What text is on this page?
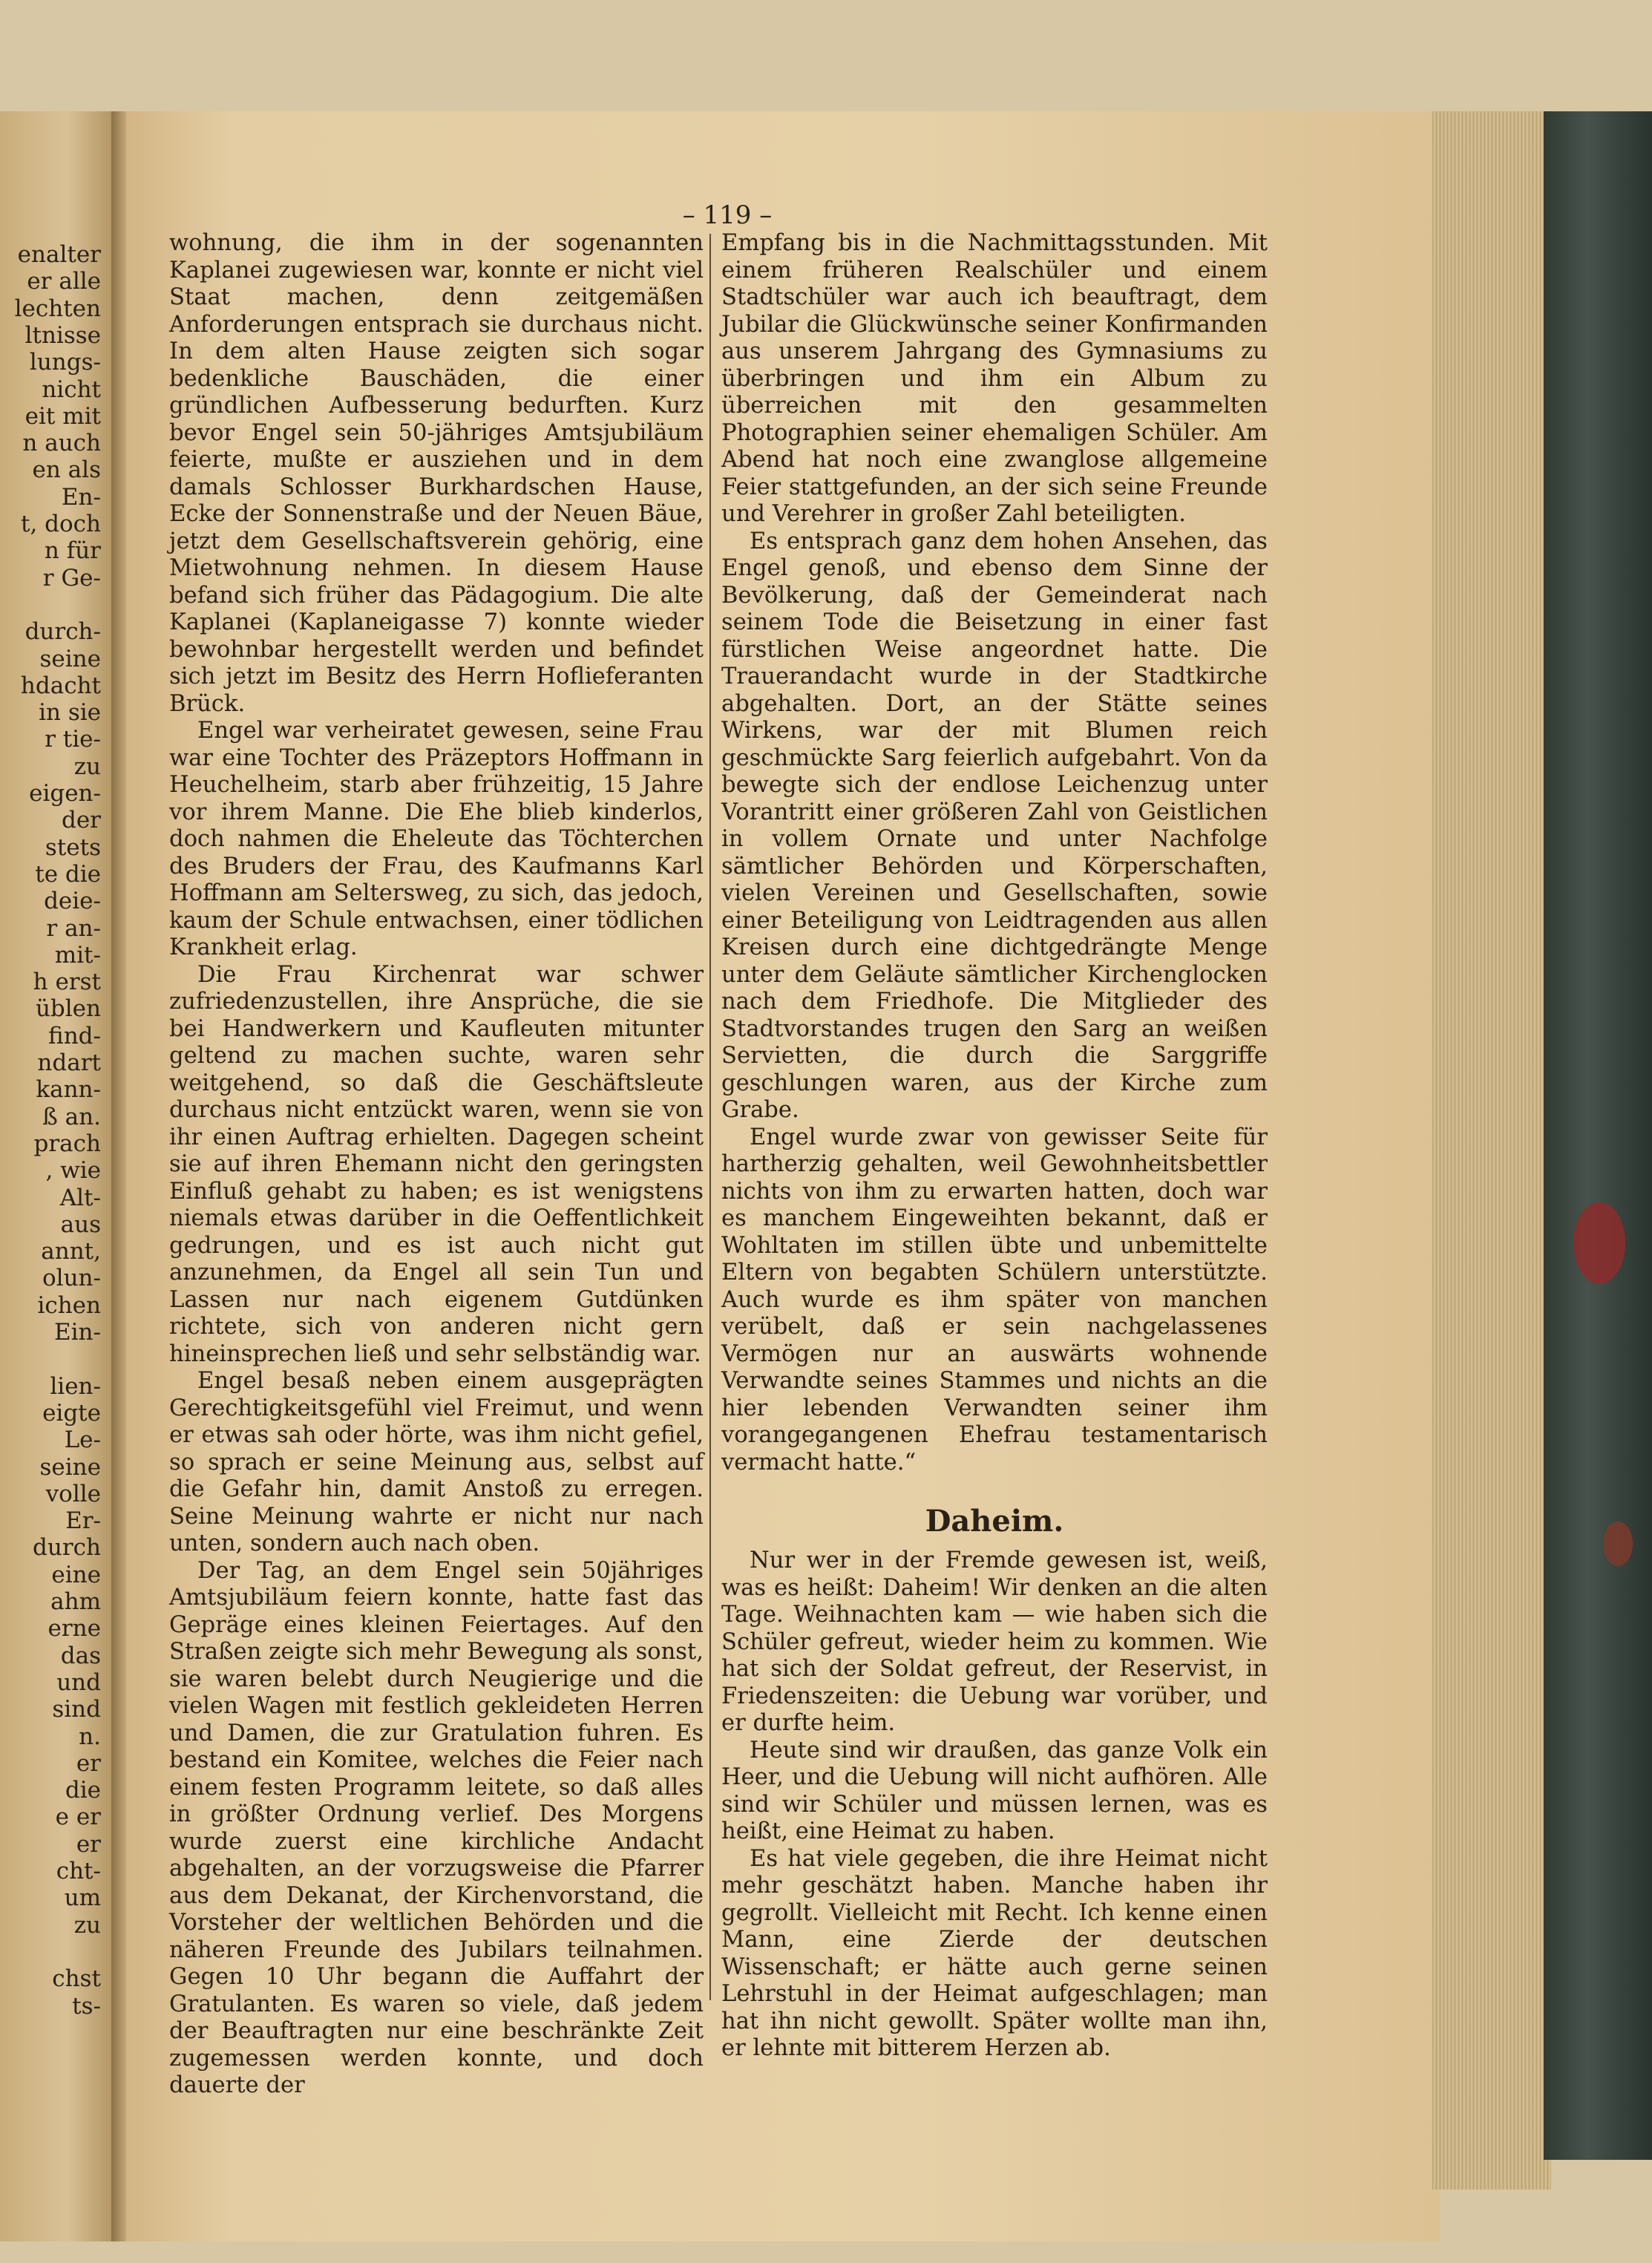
enalter
er alle
lechten
ltnisse
lungs-
nicht
eit mit
n auch
en als
En-
t, doch
n für
r Ge-
durch-
seine
hdacht
in sie
r tie-
zu
eigen-
der
stets
te die
deie-
r an-
mit-
h erst
üblen
find-
ndart
kann-
ß an.
prach
, wie
Alt-
aus
annt,
olun-
ichen
Ein-
lien-
eigte
Le-
seine
volle
Er-
durch
eine
ahm
erne
das
und
sind
n.
er
die
e er
er
cht-
um
zu
chst
ts-
– 119 –

wohnung, die ihm in der sogenannten Kaplanei zugewiesen war, konnte er nicht viel Staat machen, denn zeitgemäßen Anforderungen entsprach sie durchaus nicht. In dem alten Hause zeigten sich sogar bedenkliche Bauschäden, die einer gründlichen Aufbesserung bedurften. Kurz bevor Engel sein 50-jähriges Amtsjubiläum feierte, mußte er ausziehen und in dem damals Schlosser Burkhardschen Hause, Ecke der Sonnenstraße und der Neuen Bäue, jetzt dem Gesellschaftsverein gehörig, eine Mietwohnung nehmen. In diesem Hause befand sich früher das Pädagogium. Die alte Kaplanei (Kaplaneigasse 7) konnte wieder bewohnbar hergestellt werden und befindet sich jetzt im Besitz des Herrn Hoflieferanten Brück.

Engel war verheiratet gewesen, seine Frau war eine Tochter des Präzeptors Hoffmann in Heuchelheim, starb aber frühzeitig, 15 Jahre vor ihrem Manne. Die Ehe blieb kinderlos, doch nahmen die Eheleute das Töchterchen des Bruders der Frau, des Kaufmanns Karl Hoffmann am Seltersweg, zu sich, das jedoch, kaum der Schule entwachsen, einer tödlichen Krankheit erlag.

Die Frau Kirchenrat war schwer zufriedenzustellen, ihre Ansprüche, die sie bei Handwerkern und Kaufleuten mitunter geltend zu machen suchte, waren sehr weitgehend, so daß die Geschäftsleute durchaus nicht entzückt waren, wenn sie von ihr einen Auftrag erhielten. Dagegen scheint sie auf ihren Ehemann nicht den geringsten Einfluß gehabt zu haben; es ist wenigstens niemals etwas darüber in die Oeffentlichkeit gedrungen, und es ist auch nicht gut anzunehmen, da Engel all sein Tun und Lassen nur nach eigenem Gutdünken richtete, sich von anderen nicht gern hineinsprechen ließ und sehr selbständig war.

Engel besaß neben einem ausgeprägten Gerechtigkeitsgefühl viel Freimut, und wenn er etwas sah oder hörte, was ihm nicht gefiel, so sprach er seine Meinung aus, selbst auf die Gefahr hin, damit Anstoß zu erregen. Seine Meinung wahrte er nicht nur nach unten, sondern auch nach oben.

Der Tag, an dem Engel sein 50jähriges Amtsjubiläum feiern konnte, hatte fast das Gepräge eines kleinen Feiertages. Auf den Straßen zeigte sich mehr Bewegung als sonst, sie waren belebt durch Neugierige und die vielen Wagen mit festlich gekleideten Herren und Damen, die zur Gratulation fuhren. Es bestand ein Komitee, welches die Feier nach einem festen Programm leitete, so daß alles in größter Ordnung verlief. Des Morgens wurde zuerst eine kirchliche Andacht abgehalten, an der vorzugsweise die Pfarrer aus dem Dekanat, der Kirchenvorstand, die Vorsteher der weltlichen Behörden und die näheren Freunde des Jubilars teilnahmen. Gegen 10 Uhr begann die Auffahrt der Gratulanten. Es waren so viele, daß jedem der Beauftragten nur eine beschränkte Zeit zugemessen werden konnte, und doch dauerte der

Empfang bis in die Nachmittagsstunden. Mit einem früheren Realschüler und einem Stadtschüler war auch ich beauftragt, dem Jubilar die Glückwünsche seiner Konfirmanden aus unserem Jahrgang des Gymnasiums zu überbringen und ihm ein Album zu überreichen mit den gesammelten Photographien seiner ehemaligen Schüler. Am Abend hat noch eine zwanglose allgemeine Feier stattgefunden, an der sich seine Freunde und Verehrer in großer Zahl beteiligten.

Es entsprach ganz dem hohen Ansehen, das Engel genoß, und ebenso dem Sinne der Bevölkerung, daß der Gemeinderat nach seinem Tode die Beisetzung in einer fast fürstlichen Weise angeordnet hatte. Die Trauerandacht wurde in der Stadtkirche abgehalten. Dort, an der Stätte seines Wirkens, war der mit Blumen reich geschmückte Sarg feierlich aufgebahrt. Von da bewegte sich der endlose Leichenzug unter Vorantritt einer größeren Zahl von Geistlichen in vollem Ornate und unter Nachfolge sämtlicher Behörden und Körperschaften, vielen Vereinen und Gesellschaften, sowie einer Beteiligung von Leidtragenden aus allen Kreisen durch eine dichtgedrängte Menge unter dem Geläute sämtlicher Kirchenglocken nach dem Friedhofe. Die Mitglieder des Stadtvorstandes trugen den Sarg an weißen Servietten, die durch die Sarggriffe geschlungen waren, aus der Kirche zum Grabe.

Engel wurde zwar von gewisser Seite für hartherzig gehalten, weil Gewohnheitsbettler nichts von ihm zu erwarten hatten, doch war es manchem Eingeweihten bekannt, daß er Wohltaten im stillen übte und unbemittelte Eltern von begabten Schülern unterstützte. Auch wurde es ihm später von manchen verübelt, daß er sein nachgelassenes Vermögen nur an auswärts wohnende Verwandte seines Stammes und nichts an die hier lebenden Verwandten seiner ihm vorangegangenen Ehefrau testamentarisch vermacht hatte.“

Daheim.

Nur wer in der Fremde gewesen ist, weiß, was es heißt: Daheim! Wir denken an die alten Tage. Weihnachten kam — wie haben sich die Schüler gefreut, wieder heim zu kommen. Wie hat sich der Soldat gefreut, der Reservist, in Friedenszeiten: die Uebung war vorüber, und er durfte heim.

Heute sind wir draußen, das ganze Volk ein Heer, und die Uebung will nicht aufhören. Alle sind wir Schüler und müssen lernen, was es heißt, eine Heimat zu haben.

Es hat viele gegeben, die ihre Heimat nicht mehr geschätzt haben. Manche haben ihr gegrollt. Vielleicht mit Recht. Ich kenne einen Mann, eine Zierde der deutschen Wissenschaft; er hätte auch gerne seinen Lehrstuhl in der Heimat aufgeschlagen; man hat ihn nicht gewollt. Später wollte man ihn, er lehnte mit bitterem Herzen ab.
